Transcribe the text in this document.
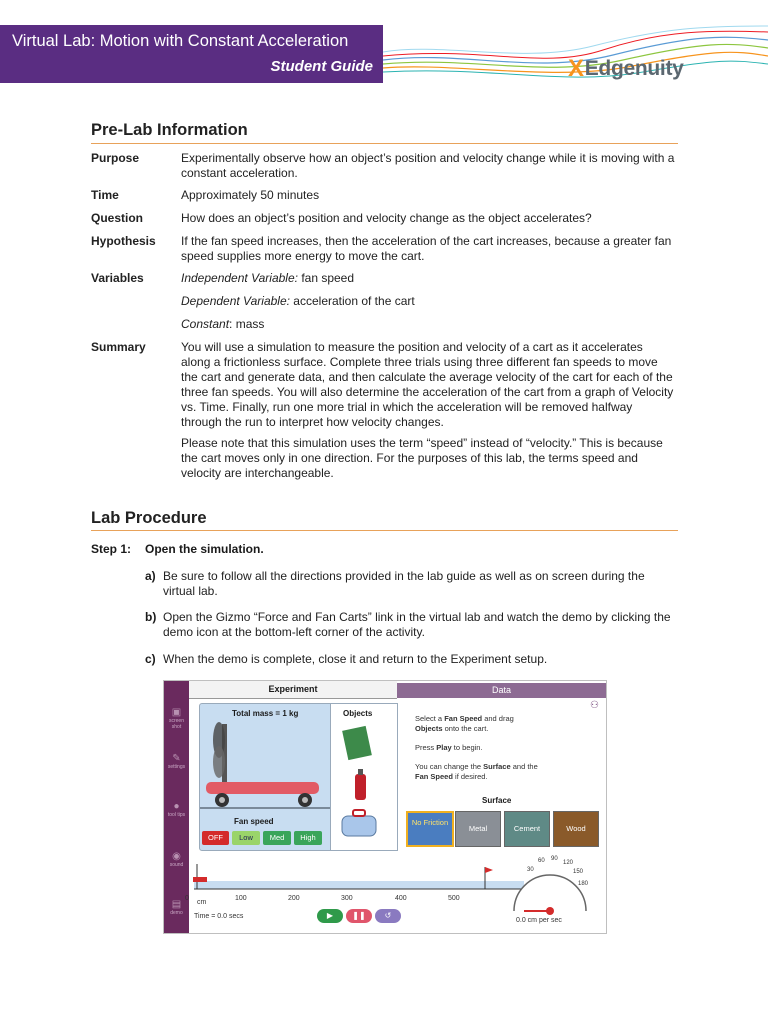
Virtual Lab: Motion with Constant Acceleration
Student Guide	X Edgenuity
Pre-Lab Information
Purpose	Experimentally observe how an object’s position and velocity change while it is moving with a constant acceleration.
Time	Approximately 50 minutes
Question	How does an object’s position and velocity change as the object accelerates?
Hypothesis If the fan speed increases, then the acceleration of the cart increases, because a greater fan speed supplies more energy to move the cart.
Variables	Independent Variable: fan speed
Dependent Variable: acceleration of the cart
Constant: mass
Summary	You will use a simulation to measure the position and velocity of a cart as it accelerates along a frictionless surface. Complete three trials using three different fan speeds to move the cart and generate data, and then calculate the average velocity of the cart for each of the three fan speeds. You will also determine the acceleration of the cart from a graph of Velocity vs. Time. Finally, run one more trial in which the acceleration will be removed halfway through the run to interpret how velocity changes.
Please note that this simulation uses the term “speed” instead of “velocity.” This is because the cart moves only in one direction. For the purposes of this lab, the terms speed and velocity are interchangeable.
Lab Procedure
Step 1: Open the simulation.
a) Be sure to follow all the directions provided in the lab guide as well as on screen during the virtual lab.
b) Open the Gizmo “Force and Fan Carts” link in the virtual lab and watch the demo by clicking the demo icon at the bottom-left corner of the activity.
c) When the demo is complete, close it and return to the Experiment setup.
▣
screen shot
✎
settings
●
tool tips
◉
sound
▤
demo
Experiment	Data
⚇
Total mass = 1 kg
Fan speed
OFF	Low	Med	High
Objects
Select a Fan Speed and drag
Objects onto the cart.
Press Play to begin.
You can change the Surface and the
Fan Speed if desired.
Surface
No Friction
Metal	Cement	Wood
cm
0	100	200	300	400	500
Time = 0.0 secs	▶	❚❚	↺
30
60 90
120
150
180
0.0 cm per sec
